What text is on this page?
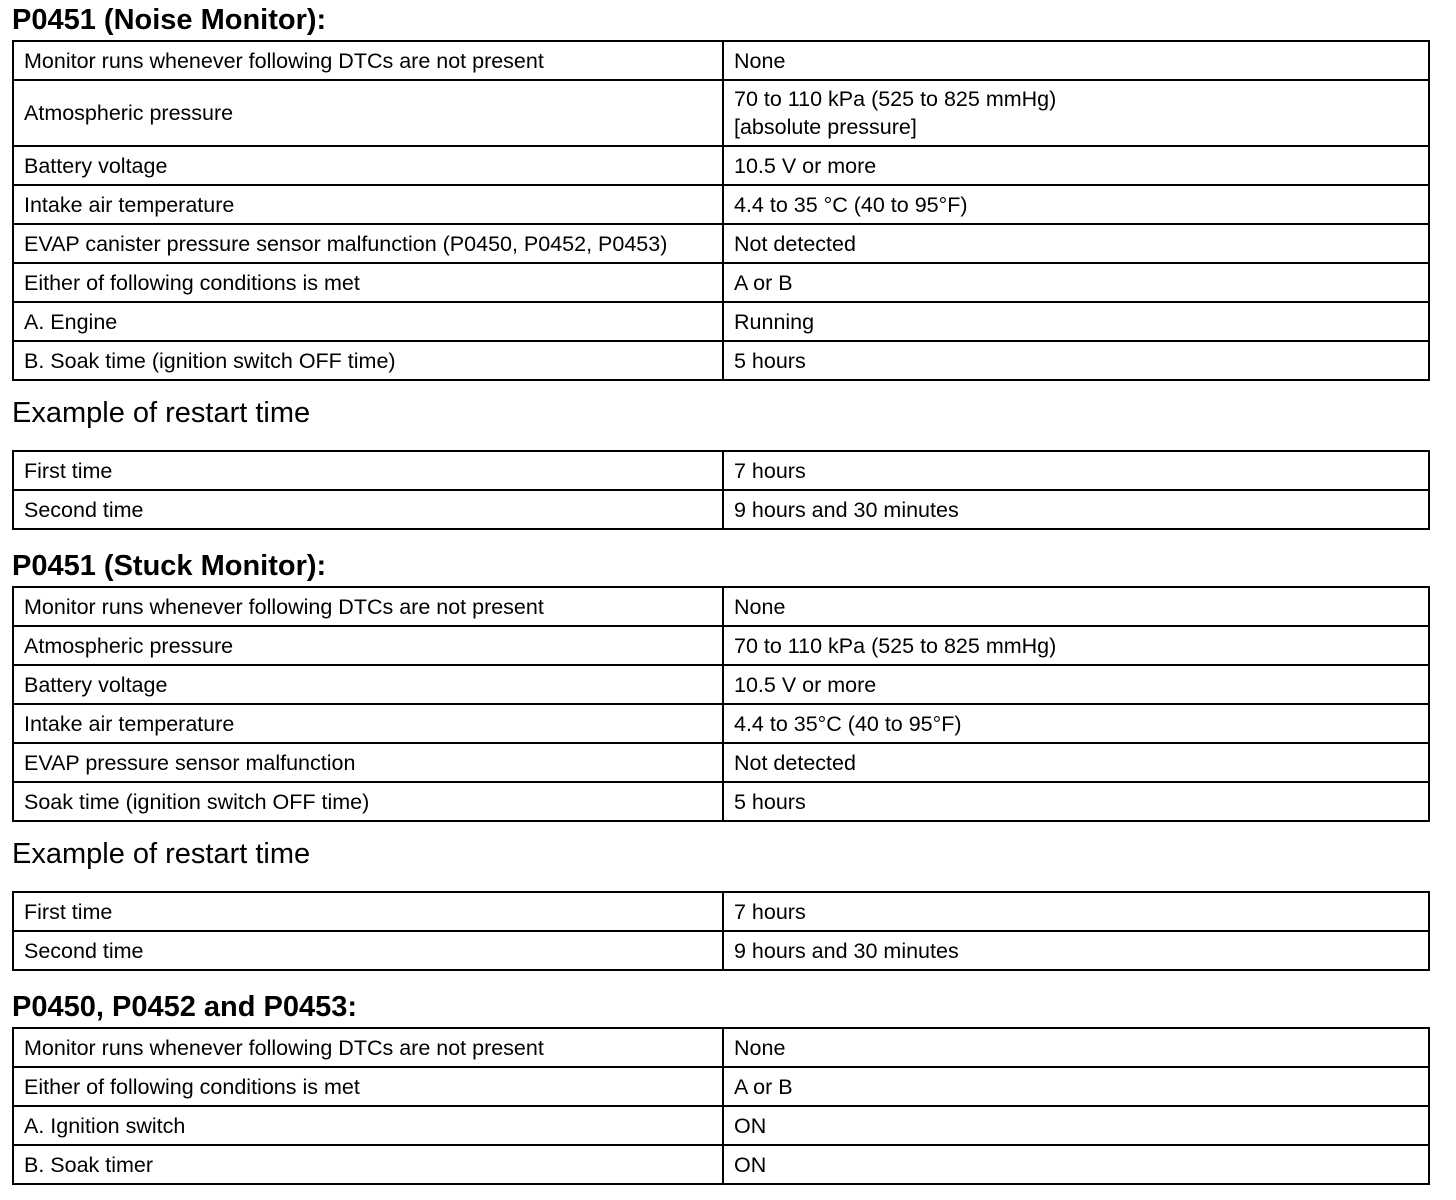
P0451 (Noise Monitor):
Monitor runs whenever following DTCs are not present	None
Atmospheric pressure	70 to 110 kPa (525 to 825 mmHg)
[absolute pressure]

Battery voltage	10.5 V or more
Intake air temperature	4.4 to 35 °C (40 to 95°F)
EVAP canister pressure sensor malfunction (P0450, P0452, P0453)	Not detected
Either of following conditions is met	A or B
A. Engine	Running
B. Soak time (ignition switch OFF time)	5 hours
Example of restart time
First time	7 hours
Second time	9 hours and 30 minutes
P0451 (Stuck Monitor):
Monitor runs whenever following DTCs are not present	None
Atmospheric pressure	70 to 110 kPa (525 to 825 mmHg)
Battery voltage	10.5 V or more
Intake air temperature	4.4 to 35°C (40 to 95°F)
EVAP pressure sensor malfunction	Not detected
Soak time (ignition switch OFF time)	5 hours
Example of restart time
First time	7 hours
Second time	9 hours and 30 minutes
P0450, P0452 and P0453:
Monitor runs whenever following DTCs are not present	None
Either of following conditions is met	A or B
A. Ignition switch	ON
B. Soak timer	ON
